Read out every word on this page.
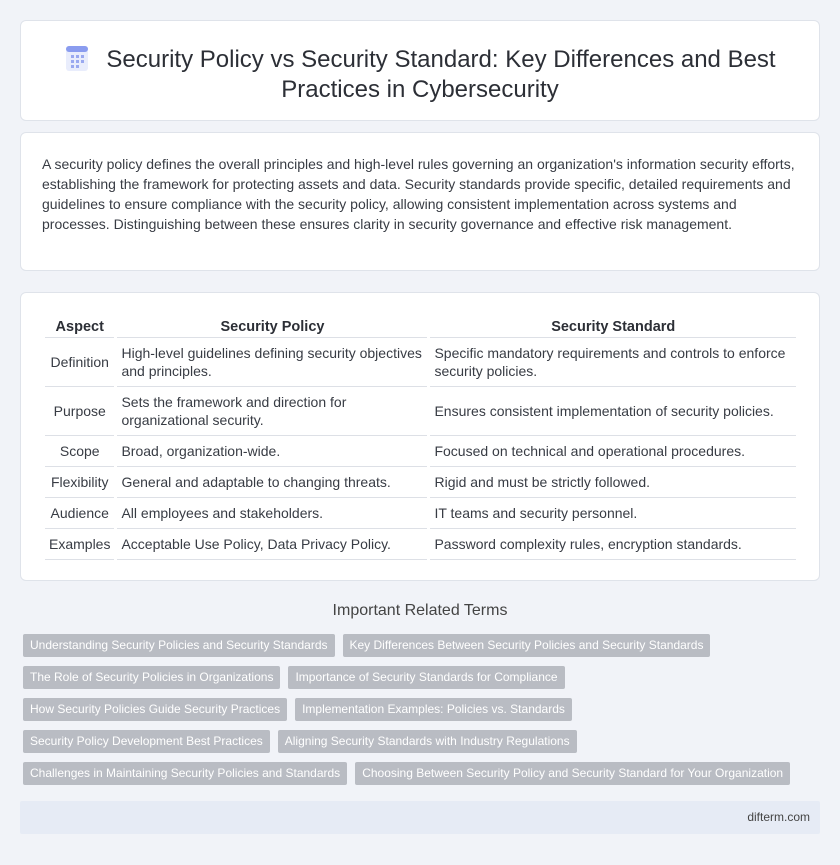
Security Policy vs Security Standard: Key Differences and Best Practices in Cybersecurity

A security policy defines the overall principles and high-level rules governing an organization's information security efforts, establishing the framework for protecting assets and data. Security standards provide specific, detailed requirements and guidelines to ensure compliance with the security policy, allowing consistent implementation across systems and processes. Distinguishing between these ensures clarity in security governance and effective risk management.

Aspect	Security Policy	Security Standard
Definition	High-level guidelines defining security objectives and principles.	Specific mandatory requirements and controls to enforce security policies.
Purpose	Sets the framework and direction for organizational security.	Ensures consistent implementation of security policies.
Scope	Broad, organization-wide.	Focused on technical and operational procedures.
Flexibility	General and adaptable to changing threats.	Rigid and must be strictly followed.
Audience	All employees and stakeholders.	IT teams and security personnel.
Examples	Acceptable Use Policy, Data Privacy Policy.	Password complexity rules, encryption standards.
Important Related Terms
Understanding Security Policies and Security Standards	Key Differences Between Security Policies and Security Standards
The Role of Security Policies in Organizations	Importance of Security Standards for Compliance
How Security Policies Guide Security Practices	Implementation Examples: Policies vs. Standards
Security Policy Development Best Practices	Aligning Security Standards with Industry Regulations
Challenges in Maintaining Security Policies and Standards	Choosing Between Security Policy and Security Standard for Your Organization
difterm.com
